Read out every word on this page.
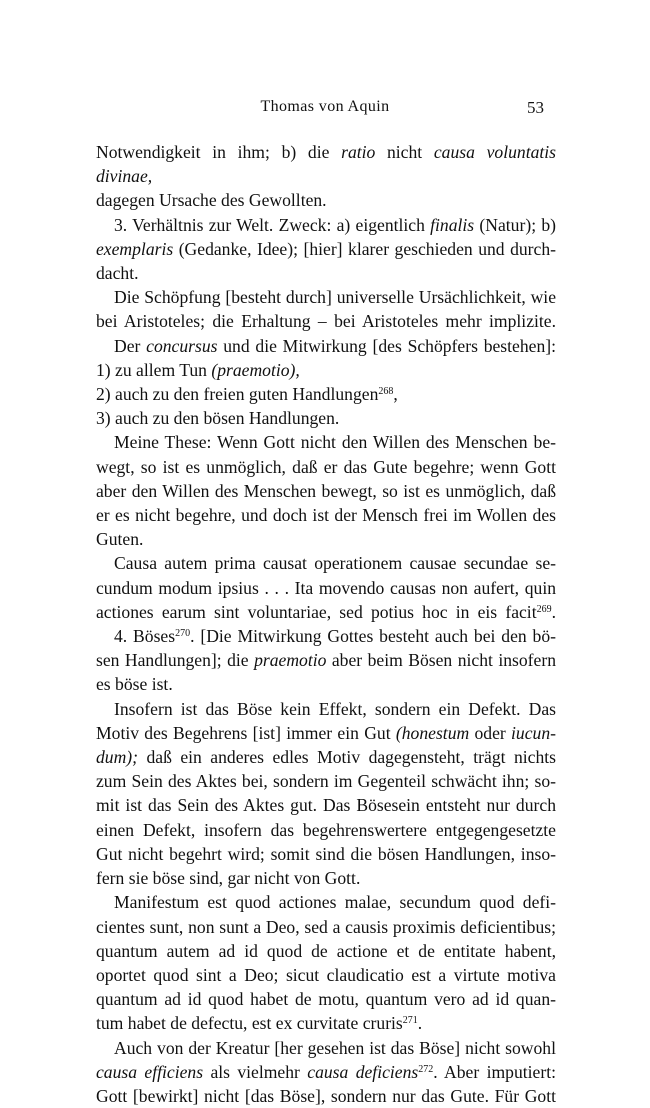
Thomas von Aquin	53
Notwendigkeit in ihm; b) die ratio nicht causa voluntatis divinae,
dagegen Ursache des Gewollten.
3. Verhältnis zur Welt. Zweck: a) eigentlich finalis (Natur); b)
exemplaris (Gedanke, Idee); [hier] klarer geschieden und durch-
dacht.
Die Schöpfung [besteht durch] universelle Ursächlichkeit, wie
bei Aristoteles; die Erhaltung – bei Aristoteles mehr implizite.
Der concursus und die Mitwirkung [des Schöpfers bestehen]:
1) zu allem Tun (praemotio),
2) auch zu den freien guten Handlungen$^{268}$,
3) auch zu den bösen Handlungen.
Meine These: Wenn Gott nicht den Willen des Menschen be-
wegt, so ist es unmöglich, daß er das Gute begehre; wenn Gott
aber den Willen des Menschen bewegt, so ist es unmöglich, daß
er es nicht begehre, und doch ist der Mensch frei im Wollen des
Guten.
Causa autem prima causat operationem causae secundae se-
cundum modum ipsius . . . Ita movendo causas non aufert, quin
actiones earum sint voluntariae, sed potius hoc in eis facit$^{269}$.
4. Böses$^{270}$. [Die Mitwirkung Gottes besteht auch bei den bö-
sen Handlungen]; die praemotio aber beim Bösen nicht insofern
es böse ist.
Insofern ist das Böse kein Effekt, sondern ein Defekt. Das
Motiv des Begehrens [ist] immer ein Gut (honestum oder iucun-
dum); daß ein anderes edles Motiv dagegensteht, trägt nichts
zum Sein des Aktes bei, sondern im Gegenteil schwächt ihn; so-
mit ist das Sein des Aktes gut. Das Bösesein entsteht nur durch
einen Defekt, insofern das begehrenswertere entgegengesetzte
Gut nicht begehrt wird; somit sind die bösen Handlungen, inso-
fern sie böse sind, gar nicht von Gott.
Manifestum est quod actiones malae, secundum quod defi-
cientes sunt, non sunt a Deo, sed a causis proximis deficientibus;
quantum autem ad id quod de actione et de entitate habent,
oportet quod sint a Deo; sicut claudicatio est a virtute motiva
quantum ad id quod habet de motu, quantum vero ad id quan-
tum habet de defectu, est ex curvitate cruris$^{271}$.
Auch von der Kreatur [her gesehen ist das Böse] nicht sowohl
causa efficiens als vielmehr causa deficiens$^{272}$. Aber imputiert:
Gott [bewirkt] nicht [das Böse], sondern nur das Gute. Für Gott
